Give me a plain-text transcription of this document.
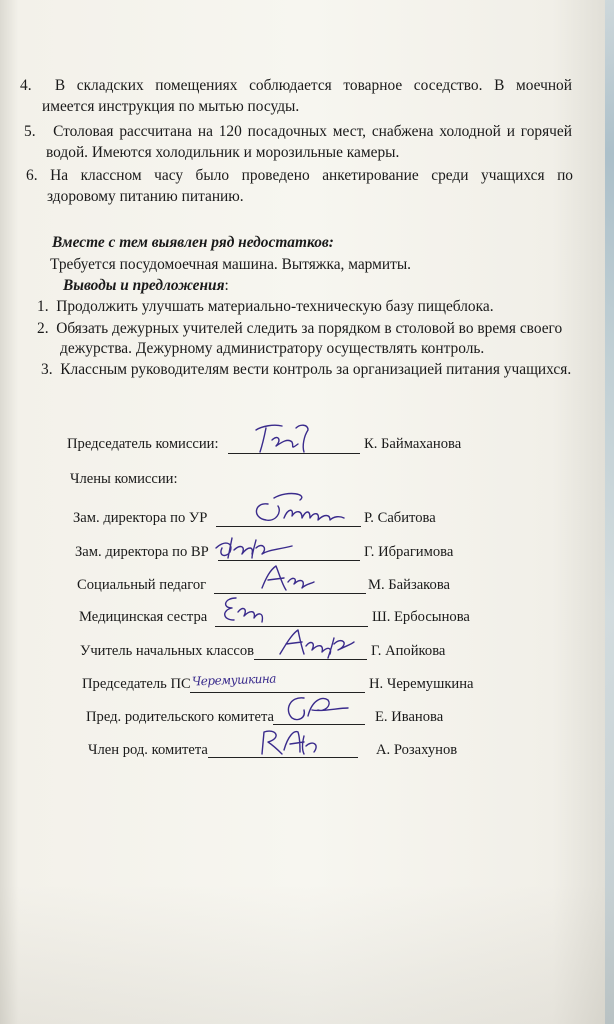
4. В складских помещениях соблюдается товарное соседство. В моечной
имеется инструкция по мытью посуды.
5. Столовая рассчитана на 120 посадочных мест, снабжена холодной и горячей
водой. Имеются холодильник и морозильные камеры.
6. На классном часу было проведено анкетирование среди учащихся по
здоровому питанию питанию.
Вместе с тем выявлен ряд недостатков:
Требуется посудомоечная машина. Вытяжка, мармиты.
Выводы и предложения:
1. Продолжить улучшать материально-техническую базу пищеблока.
2. Обязать дежурных учителей следить за порядком в столовой во время своего
дежурства. Дежурному администратору осуществлять контроль.
3. Классным руководителям вести контроль за организацией питания учащихся.
Председатель комиссии:	К. Баймаханова
Члены комиссии:
Зам. директора по УР	Р. Сабитова
Зам. директора по ВР	Г. Ибрагимова
Социальный педагог	М. Байзакова
Медицинская сестра	Ш. Ербосынова
Учитель начальных классов	Г. Апойкова
Председатель ПС Черемушкина	Н. Черемушкина
Пред. родительского комитета	Е. Иванова
Член род. комитета	А. Розахунов
